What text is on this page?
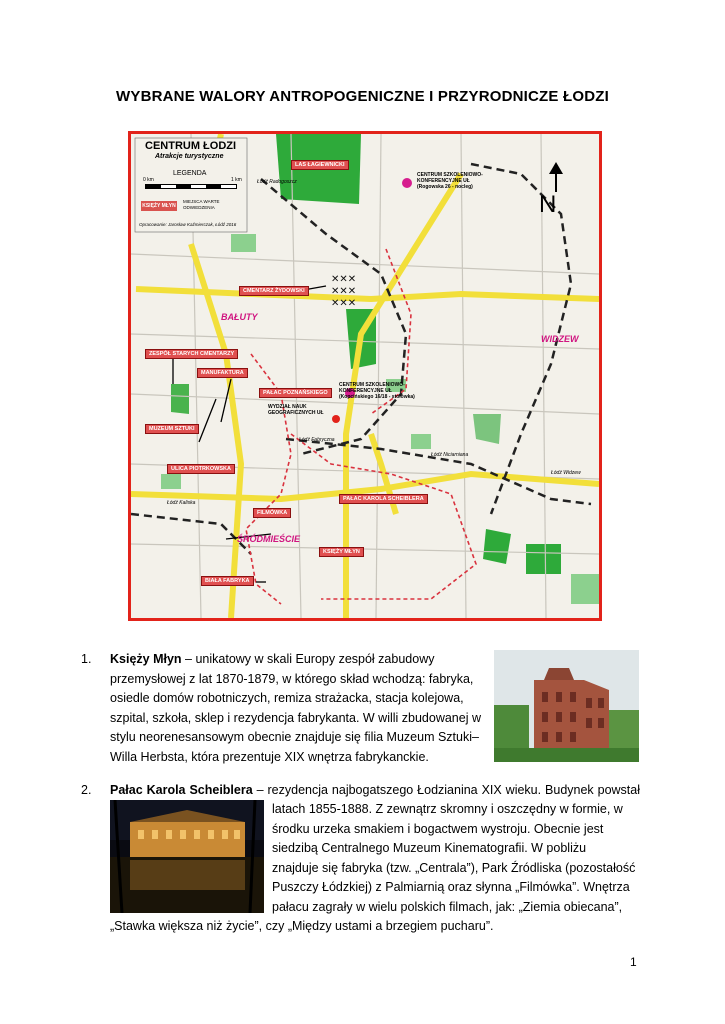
WYBRANE WALORY ANTROPOGENICZNE I PRZYRODNICZE ŁODZI
✕✕✕
✕✕✕
✕✕✕
CENTRUM ŁODZI
Atrakcje turystyczne
LEGENDA
0 km	1 km
KSIĘŻY MŁYN
MIEJSCA WARTE ODWIEDZENIA
Opracowanie: Jarosław Kaźmierczak, Łódź 2016
N
BAŁUTY
WIDZEW
ŚRÓDMIEŚCIE
LAS ŁAGIEWNICKI
CMENTARZ ŻYDOWSKI
ZESPÓŁ STARYCH CMENTARZY
MANUFAKTURA
PAŁAC POZNAŃSKIEGO
MUZEUM SZTUKI
ULICA PIOTRKOWSKA
PAŁAC KAROLA SCHEIBLERA
FILMÓWKA
KSIĘŻY MŁYN
BIAŁA FABRYKA
CENTRUM SZKOLENIOWO-
KONFERENCYJNE UŁ
(Rogowska 26 - nocleg)
CENTRUM SZKOLENIOWO-
KONFERENCYJNE UŁ
(Kopcińskiego 16/18 - stołówka)
WYDZIAŁ NAUK
GEOGRAFICZNYCH UŁ
Łódź Radogoszcz
Łódź Fabryczna
Łódź Niciarniana
Łódź Widzew
Łódź Kaliska
1. Księży Młyn – unikatowy w skali Europy zespół zabudowy
przemysłowej z lat 1870-1879, w którego skład wchodzą: fabryka,
osiedle domów robotniczych, remiza strażacka, stacja kolejowa,
szpital, szkoła, sklep i rezydencja fabrykanta. W willi zbudowanej w
stylu neorenesansowym obecnie znajduje się filia Muzeum Sztuki–
Willa Herbsta, która prezentuje XIX wnętrza fabrykanckie.
2. Pałac Karola Scheiblera – rezydencja najbogatszego Łodzianina XIX wieku. Budynek powstał
latach 1855-1888. Z zewnątrz skromny i oszczędny w formie, w
środku urzeka smakiem i bogactwem wystroju. Obecnie jest
siedzibą Centralnego Muzeum Kinematografii. W pobliżu
znajduje się fabryka (tzw. „Centrala”), Park Źródliska (pozostałość
Puszczy Łódzkiej) z Palmiarnią oraz słynna „Filmówka”. Wnętrza
pałacu zagrały w wielu polskich filmach, jak: „Ziemia obiecana”,
„Stawka większa niż życie”, czy „Między ustami a brzegiem pucharu”.
1
